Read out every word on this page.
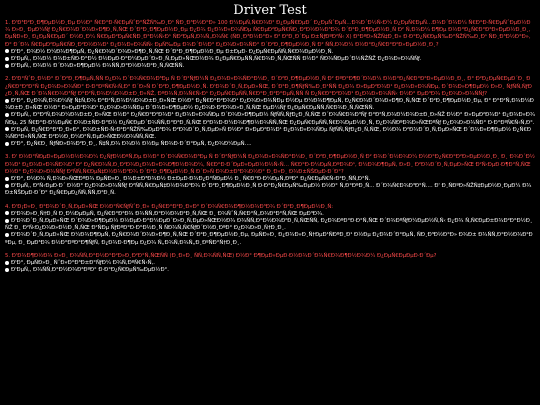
Driver Test
1. Ð'Ð³Ð²Ð¸Ð¶ÐµÐ½Ð¸Ðµ Ð½Ð° Ñ€Ð°Ð·Ñ€ÐµÑˆÐ°ÑŽÑ‰Ð¸Ð¹ ÑÐ¸Ð³Ð½Ð°Ð» 100 Ð¼ÐµÑ‚Ñ€Ð¾Ð² Ð¿ÐµÑ€ÐµÐ´ Ð¿ÐµÑˆÐµÑ…Ð¾Ð´Ð½Ñ‹Ð¼ Ð¿ÐµÑ€ÐµÑ…Ð¾Ð´Ð¾Ð¼ Ñ€Ð°Ð·Ñ€ÐµÑˆÐµÐ½Ð¾ Ð»Ð¸ ÐµÐ¼Ñƒ Ð¿Ñ€Ð¾Ð´Ð¾Ð»Ð¶Ð¸Ñ‚ÑŒ Ð´Ð²Ð¸Ð¶ÐµÐ½Ð¸Ðµ Ð¿Ð¾ Ð¿Ð¾Ð»Ð¾ÑÐµ Ñ€ÐµÐ²ÐµÑ€ÑÐ¸Ð²Ð½Ð¾Ð³Ð¾ Ð´Ð²Ð¸Ð¶ÐµÐ½Ð¸Ñ Ð² Ñ‚Ð¾Ð¼ Ð¶Ðµ Ð½Ð°Ð¿Ñ€Ð°Ð²Ð»ÐµÐ½Ð¸Ð¸, ÐµÑÐ»Ð¸ Ð¿ÐµÑ€ÐµÐ´ Ð½Ð¸Ð¼ Ñ€ÐµÐ²ÐµÑ€ÑÐ¸Ð²Ð½Ñ‹Ð¹ ÑÐ²ÐµÑ‚Ð¾Ñ„Ð¾Ñ€ (ÑÐ¸Ð³Ð½Ð°Ð» Ð² Ð²Ð¸Ð´Ðµ Ð±ÑƒÐºÐ²Ñ‹ X) Ð²ÐºÐ»ÑŽÑ‡Ð¸Ð» Ð·Ð°Ð¿Ñ€ÐµÑ‰Ð°ÑŽÑ‰Ð¸Ð¹ ÑÐ¸Ð³Ð½Ð°Ð», Ð° Ð´Ð¾ Ñ€ÐµÐ²ÐµÑ€ÑÐ¸Ð²Ð½Ð¾Ð¹ Ð¿Ð¾Ð»Ð¾ÑÑ‹ ÐµÑ‰Ðµ Ð¾Ð´Ð½Ð° Ð¿Ð¾Ð»Ð¾ÑÐ° Ð´Ð²Ð¸Ð¶ÐµÐ½Ð¸Ñ Ð² ÑÑ‚Ð¾Ð¼ Ð½Ð°Ð¿Ñ€Ð°Ð²Ð»ÐµÐ½Ð¸Ð¸?
Ð'Ð°, Ð¾Ð½ Ð¼Ð¾Ð¶ÐµÑ‚ Ð¿Ñ€Ð¾Ð´Ð¾Ð»Ð¶Ð¸Ñ‚ÑŒ Ð´Ð²Ð¸Ð¶ÐµÐ½Ð¸Ðµ Ð±ÐµÐ· Ð¿ÐµÑ€ÐµÑÑ‚Ñ€Ð¾ÐµÐ½Ð¸Ñ.
Ð'ÐµÑ‚, Ð¾Ð½ Ð¾Ð±ÑÐ·Ð°Ð½ Ð½ÐµÐ·Ð°Ð¼ÐµÐ´Ð»Ð¸Ñ‚ÐµÐ»ÑŒÐ½Ð¾ Ð¿ÐµÑ€ÐµÑÑ‚Ñ€Ð¾Ð¸Ñ‚ÑŒÑÑ Ð½Ð° ÑÐ¾ÑÐµÐ´Ð½ÑŽÑŽ Ð¿Ð¾Ð»Ð¾ÑÑƒ.
Ð'ÐµÑ‚, Ð¾Ð½ Ð´Ð¾Ð»Ð¶ÐµÐ½ Ð¾ÑÑ‚Ð°Ð½Ð¾Ð²Ð¸Ñ‚ÑŒÑÑ.
2. Ð'Ð°ÑˆÐ¸Ð½Ð° Ð´Ð²Ð¸Ð¶ÐµÑ‚ÑÑ Ð¿Ð¾ Ð´Ð¾Ñ€Ð¾Ð³Ðµ Ñ Ð´Ð²ÑƒÐ¼Ñ Ð¿Ð¾Ð»Ð¾ÑÐ°Ð¼Ð¸ Ð´Ð²Ð¸Ð¶ÐµÐ½Ð¸Ñ Ð² ÐºÐ°Ð¶Ð´Ð¾Ð¼ Ð½Ð°Ð¿Ñ€Ð°Ð²Ð»ÐµÐ½Ð¸Ð¸, Ð° Ð²Ð¿ÐµÑ€ÐµÐ´Ð¸ Ð¿Ñ€Ð°Ð²Ð°Ñ Ð¿Ð¾Ð»Ð¾ÑÐ° Ð·Ð°ÐºÑ€Ñ‹Ñ‚Ð° Ð´Ð»Ñ Ð´Ð²Ð¸Ð¶ÐµÐ½Ð¸Ñ. Ð'Ð¾Ð´Ð¸Ñ‚ÐµÐ»ÑŒ, Ð´Ð²Ð¸Ð¶ÑƒÑ‰Ð¸Ð¹ÑÑ Ð¿Ð¾ Ð»ÐµÐ²Ð¾Ð¹ Ð¿Ð¾Ð»Ð¾ÑÐµ, Ð´Ð¾Ð»Ð¶ÐµÐ½ Ð»Ð¸ ÑƒÑÑ‚ÑƒÐ¿Ð¸Ñ‚ÑŒ Ð´Ð¾Ñ€Ð¾Ð³Ñƒ Ð°Ð²Ñ‚Ð¾Ð¼Ð¾Ð±Ð¸Ð»ÑŽ, ÐºÐ¾Ñ‚Ð¾Ñ€Ñ‹Ð¹ Ð¿ÐµÑ€ÐµÑÑ‚Ñ€Ð°Ð¸Ð²Ð°ÐµÑ‚ÑÑ Ñ Ð¿Ñ€Ð°Ð²Ð¾Ð¹ Ð¿Ð¾Ð»Ð¾ÑÑ‹ Ð½Ð° ÐµÐ³Ð¾ Ð¿Ð¾Ð»Ð¾ÑÑƒ?
Ð'Ð°, Ð¿Ð¾Ñ‚Ð¾Ð¼Ñƒ Ñ‡Ñ‚Ð¾ Ð°Ð²Ñ‚Ð¾Ð¼Ð¾Ð±Ð¸Ð»ÑŒ Ð½Ð° Ð¿Ñ€Ð°Ð²Ð¾Ð¹ Ð¿Ð¾Ð»Ð¾ÑÐµ Ð½Ðµ Ð¼Ð¾Ð¶ÐµÑ‚ Ð¿Ñ€Ð¾Ð´Ð¾Ð»Ð¶Ð¸Ñ‚ÑŒ Ð´Ð²Ð¸Ð¶ÐµÐ½Ð¸Ðµ, Ð° Ð°Ð²Ñ‚Ð¾Ð¼Ð¾Ð±Ð¸Ð»ÑŒ Ð½Ð° Ð»ÐµÐ²Ð¾Ð¹ Ð¿Ð¾Ð»Ð¾ÑÐµ Ð´Ð¾Ð»Ð¶ÐµÐ½ Ð¿Ð¾Ð·Ð²Ð¾Ð»Ð¸Ñ‚ÑŒ ÐµÐ¼Ñƒ Ð¿ÐµÑ€ÐµÑÑ‚Ñ€Ð¾Ð¸Ñ‚ÑŒÑÑ.
Ð'ÐµÑ‚, Ð°Ð²Ñ‚Ð¾Ð¼Ð¾Ð±Ð¸Ð»ÑŒ Ð½Ð° Ð¿Ñ€Ð°Ð²Ð¾Ð¹ Ð¿Ð¾Ð»Ð¾ÑÐµ Ð´Ð¾Ð»Ð¶ÐµÐ½ ÑƒÑÑ‚ÑƒÐ¿Ð¸Ñ‚ÑŒ Ð´Ð¾Ñ€Ð¾Ð³Ñƒ Ð°Ð²Ñ‚Ð¾Ð¼Ð¾Ð±Ð¸Ð»ÑŽ Ð½Ð° Ð»ÐµÐ²Ð¾Ð¹ Ð¿Ð¾Ð»Ð¾ÑÐµ, 25 Ñ€Ð°Ð·Ð¼ÐµÑ€ Ð¾Ð±ÑÐ·Ð°Ð½ Ð¿Ñ€ÐµÐ´Ð¾ÑÑ‚Ð°Ð²Ð¸Ñ‚ÑŒ Ð²Ð¾Ð·Ð¼Ð¾Ð¶Ð½Ð¾ÑÑ‚ÑŒ Ð¿ÐµÑ€ÐµÑÑ‚Ñ€Ð¾ÐµÐ½Ð¸Ñ, Ð¿Ð¾ÑÐºÐ¾Ð»ÑŒÐºÑƒ Ð¿Ð¾Ð»Ð¾ÑÐ° Ð·Ð°ÐºÑ€Ñ‹Ñ‚Ð°.
Ð'ÐµÑ‚ Ð¿Ñ€Ð°Ð²Ð¸Ð»Ð°, Ð¾Ð±ÑÐ·Ñ‹Ð²Ð°ÑŽÑ‰ÐµÐ³Ð¾ Ð²Ð¾Ð´Ð¸Ñ‚ÐµÐ»Ñ Ð½Ð° Ð»ÐµÐ²Ð¾Ð¹ Ð¿Ð¾Ð»Ð¾ÑÐµ ÑƒÑÑ‚ÑƒÐ¿Ð¸Ñ‚ÑŒ, Ð½Ð¾ Ð²Ð¾Ð´Ð¸Ñ‚ÐµÐ»ÑŒ Ð´Ð¾Ð»Ð¶ÐµÐ½ Ð¿Ñ€Ð¾ÑÐ²Ð»ÑÑ‚ÑŒ Ð²Ð½Ð¸Ð¼Ð°Ñ‚ÐµÐ»ÑŒÐ½Ð¾ÑÑ‚ÑŒ.
Ð'Ð°, Ð¿Ñ€Ð¸ ÑƒÑÐ»Ð¾Ð²Ð¸Ð¸, Ñ‡Ñ‚Ð¾ Ð¾Ð½ Ð½Ðµ ÑÐ¾Ð·Ð´Ð°ÐµÑ‚ Ð¿Ð¾Ð¼ÐµÑ….
3. Ð' Ð½Ð°ÑÐµÐ»ÐµÐ½Ð½Ð¾Ð¼ Ð¿ÑƒÐ½ÐºÑ‚Ðµ Ð½Ð° Ð´Ð¾Ñ€Ð¾Ð³Ðµ Ñ Ð´Ð²ÑƒÐ¼Ñ Ð¿Ð¾Ð»Ð¾ÑÐ°Ð¼Ð¸ Ð´Ð²Ð¸Ð¶ÐµÐ½Ð¸Ñ Ð² Ð¾Ð´Ð½Ð¾Ð¼ Ð½Ð°Ð¿Ñ€Ð°Ð²Ð»ÐµÐ½Ð¸Ð¸ Ð¸ Ð¾Ð´Ð½Ð¾Ð¹ Ð¿Ð¾Ð»Ð¾ÑÐ¾Ð¹ Ð² Ð¿Ñ€Ð¾Ñ‚Ð¸Ð²Ð¾Ð¿Ð¾Ð»Ð¾Ð¶Ð½Ð¾Ð¼, Ñ€Ð°Ð·Ð´ÐµÐ»ÐµÐ½Ð½Ñ‹Ñ… Ñ€Ð°Ð·Ð¼ÐµÑ‚ÐºÐ¾Ð¹, Ð¼Ð¾Ð¶ÐµÑ‚ Ð»Ð¸ Ð²Ð¾Ð´Ð¸Ñ‚ÐµÐ»ÑŒ Ð²Ñ‹ÐµÐ·Ð¶Ð°Ñ‚ÑŒ Ð½Ð° Ð¿Ð¾Ð»Ð¾ÑÑƒ Ð²ÑÑ‚Ñ€ÐµÑ‡Ð½Ð¾Ð³Ð¾ Ð´Ð²Ð¸Ð¶ÐµÐ½Ð¸Ñ Ð´Ð»Ñ Ð¾Ð±Ð³Ð¾Ð½Ð° Ð¸Ð»Ð¸ Ð¾Ð±ÑŠÐµÐ·Ð´Ð°?
Ð'Ð°, Ð½Ð¾ Ñ‚Ð¾Ð»ÑŒÐºÐ¾ ÐµÑÐ»Ð¸ Ð¾Ð±Ð³Ð¾Ð½ Ð±ÐµÐ·Ð¾Ð¿Ð°ÑÐµÐ½ Ð¸ Ñ€Ð°Ð·Ð¼ÐµÑ‚ÐºÐ° Ð¿Ñ€ÐµÑ€Ñ‹Ð²Ð¸ÑÑ‚Ð°Ñ.
Ð'ÐµÑ‚, Ð²Ñ‹ÐµÐ·Ð´ Ð½Ð° Ð¿Ð¾Ð»Ð¾ÑÑƒ Ð²ÑÑ‚Ñ€ÐµÑ‡Ð½Ð¾Ð³Ð¾ Ð´Ð²Ð¸Ð¶ÐµÐ½Ð¸Ñ Ð·Ð°Ð¿Ñ€ÐµÑ‰ÐµÐ½ Ð½Ð° Ñ‚Ð°ÐºÐ¸Ñ… Ð´Ð¾Ñ€Ð¾Ð³Ð°Ñ…. Ð' Ð¸ÑÐºÐ»ÑŽÑ‡ÐµÐ½Ð¸ÐµÐ¼ Ð¾Ð±ÑŠÐµÐ·Ð´Ð° Ð¿Ñ€ÐµÐ¿ÑÑ‚ÑÑ‚Ð²Ð¸Ñ.
4. Ð'Ð¡Ð»Ð¸ Ð²Ð¾Ð´Ð¸Ñ‚ÐµÐ»ÑŒ Ð½Ð°Ñ€ÑƒÑˆÐ¸Ð» Ð¿Ñ€Ð°Ð²Ð¸Ð»Ð° Ð´Ð¾Ñ€Ð¾Ð¶Ð½Ð¾Ð³Ð¾ Ð´Ð²Ð¸Ð¶ÐµÐ½Ð¸Ñ:
Ð'Ð¾Ð»Ð¸Ñ†Ð¸Ñ Ð¸Ð¼ÐµÐµÑ‚ Ð¿Ñ€Ð°Ð²Ð¾ Ð¾ÑÑ‚Ð°Ð½Ð¾Ð²Ð¸Ñ‚ÑŒ Ð¸ Ð¾ÑˆÑ‚Ñ€Ð°Ñ„Ð¾Ð²Ð°Ñ‚ÑŒ ÐµÐ³Ð¾.
Ð'Ð¾Ð´Ð¸Ñ‚ÐµÐ»ÑŒ Ð´Ð¾Ð»Ð¶ÐµÐ½ Ð½ÐµÐ·Ð°Ð¼ÐµÐ´Ð»Ð¸Ñ‚ÐµÐ»ÑŒÐ½Ð¾ Ð¾ÑÑ‚Ð°Ð½Ð¾Ð²Ð¸Ñ‚ÑŒÑÑ, Ð¿Ð¾ÐºÐ°Ð·Ð°Ñ‚ÑŒ Ð´Ð¾ÐºÑƒÐ¼ÐµÐ½Ñ‚Ñ‹ Ð¿Ð¾ Ñ‚Ñ€ÐµÐ±Ð¾Ð²Ð°Ð½Ð¸ÑŽ Ð¸ Ð²Ñ‹Ð¿Ð¾Ð»Ð½Ð¸Ñ‚ÑŒ Ð²ÑÐµ ÑƒÐºÐ°Ð·Ð°Ð½Ð¸Ñ ÑÐ¾Ñ‚Ñ€ÑƒÐ´Ð½Ð¸ÐºÐ° Ð¿Ð¾Ð»Ð¸Ñ†Ð¸Ð¸.
Ð'Ð¾Ð´Ð¸Ñ‚ÐµÐ»ÑŒ Ð¼Ð¾Ð¶ÐµÑ‚ Ð¿Ñ€Ð¾Ð´Ð¾Ð»Ð¶Ð¸Ñ‚ÑŒ Ð´Ð²Ð¸Ð¶ÐµÐ½Ð¸Ðµ, ÐµÑÐ»Ð¸ Ð¿Ð¾Ð»Ð¸Ñ†ÐµÐ¹ÑÐºÐ¸Ð¹ Ð½Ðµ Ð¿Ð¾Ð´Ð°ÐµÑ‚ ÑÐ¸Ð³Ð½Ð°Ð» Ð¾Ð± Ð¾ÑÑ‚Ð°Ð½Ð¾Ð²ÐºÐµ, Ð¸ ÐµÐ³Ð¾ Ð½Ð°ÐºÐ°Ð¶ÑƒÑ‚ Ð¿Ð¾Ð·Ð¶Ðµ Ð¿Ð¾ Ñ„Ð¾Ñ‚Ð¾Ñ„Ð¸ÐºÑÐ°Ñ†Ð¸Ð¸.
5. Ð'Ð¾Ð¶Ð½Ð¾ Ð»Ð¸ Ð¾ÑÑ‚Ð°Ð½Ð°Ð²Ð»Ð¸Ð²Ð°Ñ‚ÑŒÑÑ (Ð¸Ð»Ð¸ ÑÑ‚Ð¾ÑÑ‚ÑŒ) Ð½Ð° Ð¶ÐµÐ»ÐµÐ·Ð½Ð¾Ð´Ð¾Ñ€Ð¾Ð¶Ð½Ð¾Ð¼ Ð¿ÐµÑ€ÐµÐµÐ·Ð´Ðµ?
Ð'Ð°, ÐµÑÐ»Ð¸ ÑˆÐ»Ð°Ð³Ð±Ð°ÑƒÐ¼ Ð¾Ñ‚ÐºÑ€Ñ‹Ñ‚.
Ð'ÐµÑ‚, Ð¾ÑÑ‚Ð°Ð½Ð¾Ð²ÐºÐ° Ð·Ð°Ð¿Ñ€ÐµÑ‰ÐµÐ½Ð°.
